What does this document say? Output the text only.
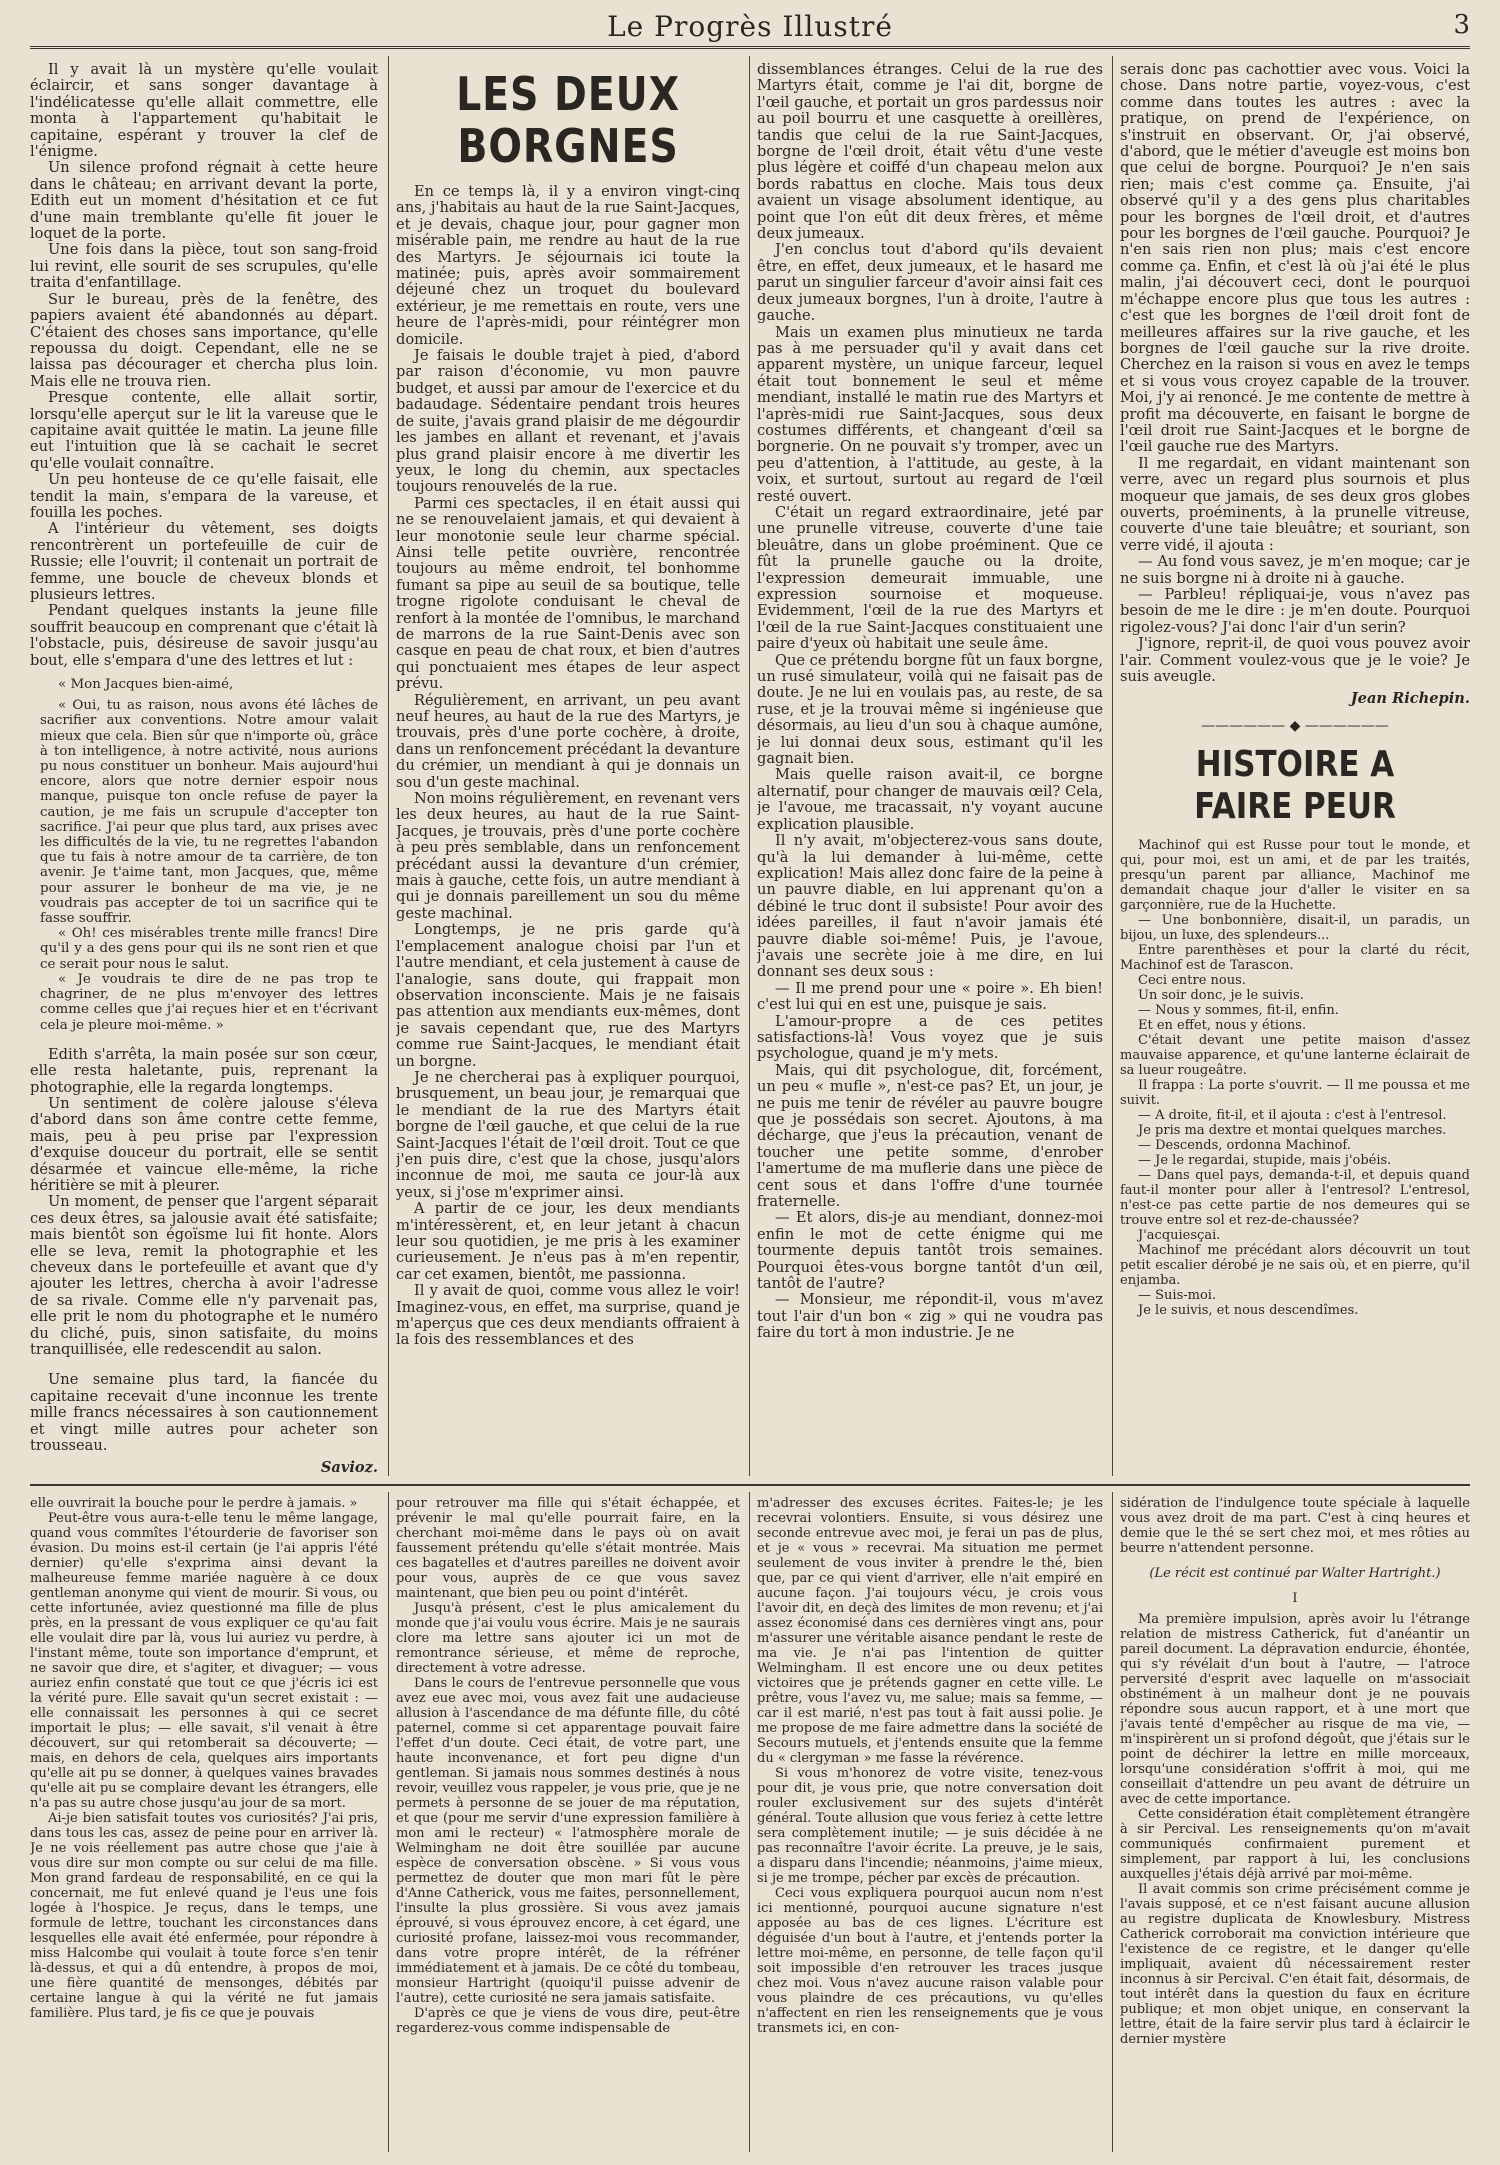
Le Progrès Illustré	3

Il y avait là un mystère qu'elle voulait éclaircir, et sans songer davantage à l'indélicatesse qu'elle allait commettre, elle monta à l'appartement qu'habitait le capitaine, espérant y trouver la clef de l'énigme.

Un silence profond régnait à cette heure dans le château; en arrivant devant la porte, Edith eut un moment d'hésitation et ce fut d'une main tremblante qu'elle fit jouer le loquet de la porte.

Une fois dans la pièce, tout son sang-froid lui revint, elle sourit de ses scrupules, qu'elle traita d'enfantillage.

Sur le bureau, près de la fenêtre, des papiers avaient été abandonnés au départ. C'étaient des choses sans importance, qu'elle repoussa du doigt. Cependant, elle ne se laissa pas décourager et chercha plus loin. Mais elle ne trouva rien.

Presque contente, elle allait sortir, lorsqu'elle aperçut sur le lit la vareuse que le capitaine avait quittée le matin. La jeune fille eut l'intuition que là se cachait le secret qu'elle voulait connaître.

Un peu honteuse de ce qu'elle faisait, elle tendit la main, s'empara de la vareuse, et fouilla les poches.

A l'intérieur du vêtement, ses doigts rencontrèrent un portefeuille de cuir de Russie; elle l'ouvrit; il contenait un portrait de femme, une boucle de cheveux blonds et plusieurs lettres.

Pendant quelques instants la jeune fille souffrit beaucoup en comprenant que c'était là l'obstacle, puis, désireuse de savoir jusqu'au bout, elle s'empara d'une des lettres et lut :

« Mon Jacques bien-aimé,

« Oui, tu as raison, nous avons été lâches de sacrifier aux conventions. Notre amour valait mieux que cela. Bien sûr que n'importe où, grâce à ton intelligence, à notre activité, nous aurions pu nous constituer un bonheur. Mais aujourd'hui encore, alors que notre dernier espoir nous manque, puisque ton oncle refuse de payer la caution, je me fais un scrupule d'accepter ton sacrifice. J'ai peur que plus tard, aux prises avec les difficultés de la vie, tu ne regrettes l'abandon que tu fais à notre amour de ta carrière, de ton avenir. Je t'aime tant, mon Jacques, que, même pour assurer le bonheur de ma vie, je ne voudrais pas accepter de toi un sacrifice qui te fasse souffrir.

« Oh! ces misérables trente mille francs! Dire qu'il y a des gens pour qui ils ne sont rien et que ce serait pour nous le salut.

« Je voudrais te dire de ne pas trop te chagriner, de ne plus m'envoyer des lettres comme celles que j'ai reçues hier et en t'écrivant cela je pleure moi-même. »

Edith s'arrêta, la main posée sur son cœur, elle resta haletante, puis, reprenant la photographie, elle la regarda longtemps.

Un sentiment de colère jalouse s'éleva d'abord dans son âme contre cette femme, mais, peu à peu prise par l'expression d'exquise douceur du portrait, elle se sentit désarmée et vaincue elle-même, la riche héritière se mit à pleurer.

Un moment, de penser que l'argent séparait ces deux êtres, sa jalousie avait été satisfaite; mais bientôt son égoïsme lui fit honte. Alors elle se leva, remit la photographie et les cheveux dans le portefeuille et avant que d'y ajouter les lettres, chercha à avoir l'adresse de sa rivale. Comme elle n'y parvenait pas, elle prit le nom du photographe et le numéro du cliché, puis, sinon satisfaite, du moins tranquillisée, elle redescendit au salon.

Une semaine plus tard, la fiancée du capitaine recevait d'une inconnue les trente mille francs nécessaires à son cautionnement et vingt mille autres pour acheter son trousseau.

Savioz.

LES DEUX BORGNES

En ce temps là, il y a environ vingt-cinq ans, j'habitais au haut de la rue Saint-Jacques, et je devais, chaque jour, pour gagner mon misérable pain, me rendre au haut de la rue des Martyrs. Je séjournais ici toute la matinée; puis, après avoir sommairement déjeuné chez un troquet du boulevard extérieur, je me remettais en route, vers une heure de l'après-midi, pour réintégrer mon domicile.

Je faisais le double trajet à pied, d'abord par raison d'économie, vu mon pauvre budget, et aussi par amour de l'exercice et du badaudage. Sédentaire pendant trois heures de suite, j'avais grand plaisir de me dégourdir les jambes en allant et revenant, et j'avais plus grand plaisir encore à me divertir les yeux, le long du chemin, aux spectacles toujours renouvelés de la rue.

Parmi ces spectacles, il en était aussi qui ne se renouvelaient jamais, et qui devaient à leur monotonie seule leur charme spécial. Ainsi telle petite ouvrière, rencontrée toujours au même endroit, tel bonhomme fumant sa pipe au seuil de sa boutique, telle trogne rigolote conduisant le cheval de renfort à la montée de l'omnibus, le marchand de marrons de la rue Saint-Denis avec son casque en peau de chat roux, et bien d'autres qui ponctuaient mes étapes de leur aspect prévu.

Régulièrement, en arrivant, un peu avant neuf heures, au haut de la rue des Martyrs, je trouvais, près d'une porte cochère, à droite, dans un renfoncement précédant la devanture du crémier, un mendiant à qui je donnais un sou d'un geste machinal.

Non moins régulièrement, en revenant vers les deux heures, au haut de la rue Saint-Jacques, je trouvais, près d'une porte cochère à peu près semblable, dans un renfoncement précédant aussi la devanture d'un crémier, mais à gauche, cette fois, un autre mendiant à qui je donnais pareillement un sou du même geste machinal.

Longtemps, je ne pris garde qu'à l'emplacement analogue choisi par l'un et l'autre mendiant, et cela justement à cause de l'analogie, sans doute, qui frappait mon observation inconsciente. Mais je ne faisais pas attention aux mendiants eux-mêmes, dont je savais cependant que, rue des Martyrs comme rue Saint-Jacques, le mendiant était un borgne.

Je ne chercherai pas à expliquer pourquoi, brusquement, un beau jour, je remarquai que le mendiant de la rue des Martyrs était borgne de l'œil gauche, et que celui de la rue Saint-Jacques l'était de l'œil droit. Tout ce que j'en puis dire, c'est que la chose, jusqu'alors inconnue de moi, me sauta ce jour-là aux yeux, si j'ose m'exprimer ainsi.

A partir de ce jour, les deux mendiants m'intéressèrent, et, en leur jetant à chacun leur sou quotidien, je me pris à les examiner curieusement. Je n'eus pas à m'en repentir, car cet examen, bientôt, me passionna.

Il y avait de quoi, comme vous allez le voir! Imaginez-vous, en effet, ma surprise, quand je m'aperçus que ces deux mendiants offraient à la fois des ressemblances et des

dissemblances étranges. Celui de la rue des Martyrs était, comme je l'ai dit, borgne de l'œil gauche, et portait un gros pardessus noir au poil bourru et une casquette à oreillères, tandis que celui de la rue Saint-Jacques, borgne de l'œil droit, était vêtu d'une veste plus légère et coiffé d'un chapeau melon aux bords rabattus en cloche. Mais tous deux avaient un visage absolument identique, au point que l'on eût dit deux frères, et même deux jumeaux.

J'en conclus tout d'abord qu'ils devaient être, en effet, deux jumeaux, et le hasard me parut un singulier farceur d'avoir ainsi fait ces deux jumeaux borgnes, l'un à droite, l'autre à gauche.

Mais un examen plus minutieux ne tarda pas à me persuader qu'il y avait dans cet apparent mystère, un unique farceur, lequel était tout bonnement le seul et même mendiant, installé le matin rue des Martyrs et l'après-midi rue Saint-Jacques, sous deux costumes différents, et changeant d'œil sa borgnerie. On ne pouvait s'y tromper, avec un peu d'attention, à l'attitude, au geste, à la voix, et surtout, surtout au regard de l'œil resté ouvert.

C'était un regard extraordinaire, jeté par une prunelle vitreuse, couverte d'une taie bleuâtre, dans un globe proéminent. Que ce fût la prunelle gauche ou la droite, l'expression demeurait immuable, une expression sournoise et moqueuse. Evidemment, l'œil de la rue des Martyrs et l'œil de la rue Saint-Jacques constituaient une paire d'yeux où habitait une seule âme.

Que ce prétendu borgne fût un faux borgne, un rusé simulateur, voilà qui ne faisait pas de doute. Je ne lui en voulais pas, au reste, de sa ruse, et je la trouvai même si ingénieuse que désormais, au lieu d'un sou à chaque aumône, je lui donnai deux sous, estimant qu'il les gagnait bien.

Mais quelle raison avait-il, ce borgne alternatif, pour changer de mauvais œil? Cela, je l'avoue, me tracassait, n'y voyant aucune explication plausible.

Il n'y avait, m'objecterez-vous sans doute, qu'à la lui demander à lui-même, cette explication! Mais allez donc faire de la peine à un pauvre diable, en lui apprenant qu'on a débiné le truc dont il subsiste! Pour avoir des idées pareilles, il faut n'avoir jamais été pauvre diable soi-même! Puis, je l'avoue, j'avais une secrète joie à me dire, en lui donnant ses deux sous :

— Il me prend pour une « poire ». Eh bien! c'est lui qui en est une, puisque je sais.

L'amour-propre a de ces petites satisfactions-là! Vous voyez que je suis psychologue, quand je m'y mets.

Mais, qui dit psychologue, dit, forcément, un peu « mufle », n'est-ce pas? Et, un jour, je ne puis me tenir de révéler au pauvre bougre que je possédais son secret. Ajoutons, à ma décharge, que j'eus la précaution, venant de toucher une petite somme, d'enrober l'amertume de ma muflerie dans une pièce de cent sous et dans l'offre d'une tournée fraternelle.

— Et alors, dis-je au mendiant, donnez-moi enfin le mot de cette énigme qui me tourmente depuis tantôt trois semaines. Pourquoi êtes-vous borgne tantôt d'un œil, tantôt de l'autre?

— Monsieur, me répondit-il, vous m'avez tout l'air d'un bon « zig » qui ne voudra pas faire du tort à mon industrie. Je ne

serais donc pas cachottier avec vous. Voici la chose. Dans notre partie, voyez-vous, c'est comme dans toutes les autres : avec la pratique, on prend de l'expérience, on s'instruit en observant. Or, j'ai observé, d'abord, que le métier d'aveugle est moins bon que celui de borgne. Pourquoi? Je n'en sais rien; mais c'est comme ça. Ensuite, j'ai observé qu'il y a des gens plus charitables pour les borgnes de l'œil droit, et d'autres pour les borgnes de l'œil gauche. Pourquoi? Je n'en sais rien non plus; mais c'est encore comme ça. Enfin, et c'est là où j'ai été le plus malin, j'ai découvert ceci, dont le pourquoi m'échappe encore plus que tous les autres : c'est que les borgnes de l'œil droit font de meilleures affaires sur la rive gauche, et les borgnes de l'œil gauche sur la rive droite. Cherchez en la raison si vous en avez le temps et si vous vous croyez capable de la trouver. Moi, j'y ai renoncé. Je me contente de mettre à profit ma découverte, en faisant le borgne de l'œil droit rue Saint-Jacques et le borgne de l'œil gauche rue des Martyrs.

Il me regardait, en vidant maintenant son verre, avec un regard plus sournois et plus moqueur que jamais, de ses deux gros globes ouverts, proéminents, à la prunelle vitreuse, couverte d'une taie bleuâtre; et souriant, son verre vidé, il ajouta :

— Au fond vous savez, je m'en moque; car je ne suis borgne ni à droite ni à gauche.

— Parbleu! répliquai-je, vous n'avez pas besoin de me le dire : je m'en doute. Pourquoi rigolez-vous? J'ai donc l'air d'un serin?

J'ignore, reprit-il, de quoi vous pouvez avoir l'air. Comment voulez-vous que je le voie? Je suis aveugle.

Jean Richepin.

—————— ◆ ——————
HISTOIRE A FAIRE PEUR

Machinof qui est Russe pour tout le monde, et qui, pour moi, est un ami, et de par les traités, presqu'un parent par alliance, Machinof me demandait chaque jour d'aller le visiter en sa garçonnière, rue de la Huchette.

— Une bonbonnière, disait-il, un paradis, un bijou, un luxe, des splendeurs...

Entre parenthèses et pour la clarté du récit, Machinof est de Tarascon.

Ceci entre nous.

Un soir donc, je le suivis.

— Nous y sommes, fit-il, enfin.

Et en effet, nous y étions.

C'était devant une petite maison d'assez mauvaise apparence, et qu'une lanterne éclairait de sa lueur rougeâtre.

Il frappa : La porte s'ouvrit. — Il me poussa et me suivit.

— A droite, fit-il, et il ajouta : c'est à l'entresol.

Je pris ma dextre et montai quelques marches.

— Descends, ordonna Machinof.

— Je le regardai, stupide, mais j'obéis.

— Dans quel pays, demanda-t-il, et depuis quand faut-il monter pour aller à l'entresol? L'entresol, n'est-ce pas cette partie de nos demeures qui se trouve entre sol et rez-de-chaussée?

J'acquiesçai.

Machinof me précédant alors découvrit un tout petit escalier dérobé je ne sais où, et en pierre, qu'il enjamba.

— Suis-moi.

Je le suivis, et nous descendîmes.

elle ouvrirait la bouche pour le perdre à jamais. »

Peut-être vous aura-t-elle tenu le même langage, quand vous commîtes l'étourderie de favoriser son évasion. Du moins est-il certain (je l'ai appris l'été dernier) qu'elle s'exprima ainsi devant la malheureuse femme mariée naguère à ce doux gentleman anonyme qui vient de mourir. Si vous, ou cette infortunée, aviez questionné ma fille de plus près, en la pressant de vous expliquer ce qu'au fait elle voulait dire par là, vous lui auriez vu perdre, à l'instant même, toute son importance d'emprunt, et ne savoir que dire, et s'agiter, et divaguer; — vous auriez enfin constaté que tout ce que j'écris ici est la vérité pure. Elle savait qu'un secret existait : — elle connaissait les personnes à qui ce secret importait le plus; — elle savait, s'il venait à être découvert, sur qui retomberait sa découverte; — mais, en dehors de cela, quelques airs importants qu'elle ait pu se donner, à quelques vaines bravades qu'elle ait pu se complaire devant les étrangers, elle n'a pas su autre chose jusqu'au jour de sa mort.

Ai-je bien satisfait toutes vos curiosités? J'ai pris, dans tous les cas, assez de peine pour en arriver là. Je ne vois réellement pas autre chose que j'aie à vous dire sur mon compte ou sur celui de ma fille. Mon grand fardeau de responsabilité, en ce qui la concernait, me fut enlevé quand je l'eus une fois logée à l'hospice. Je reçus, dans le temps, une formule de lettre, touchant les circonstances dans lesquelles elle avait été enfermée, pour répondre à miss Halcombe qui voulait à toute force s'en tenir là-dessus, et qui a dû entendre, à propos de moi, une fière quantité de mensonges, débités par certaine langue à qui la vérité ne fut jamais familière. Plus tard, je fis ce que je pouvais

pour retrouver ma fille qui s'était échappée, et prévenir le mal qu'elle pourrait faire, en la cherchant moi-même dans le pays où on avait faussement prétendu qu'elle s'était montrée. Mais ces bagatelles et d'autres pareilles ne doivent avoir pour vous, auprès de ce que vous savez maintenant, que bien peu ou point d'intérêt.

Jusqu'à présent, c'est le plus amicalement du monde que j'ai voulu vous écrire. Mais je ne saurais clore ma lettre sans ajouter ici un mot de remontrance sérieuse, et même de reproche, directement à votre adresse.

Dans le cours de l'entrevue personnelle que vous avez eue avec moi, vous avez fait une audacieuse allusion à l'ascendance de ma défunte fille, du côté paternel, comme si cet apparentage pouvait faire l'effet d'un doute. Ceci était, de votre part, une haute inconvenance, et fort peu digne d'un gentleman. Si jamais nous sommes destinés à nous revoir, veuillez vous rappeler, je vous prie, que je ne permets à personne de se jouer de ma réputation, et que (pour me servir d'une expression familière à mon ami le recteur) « l'atmosphère morale de Welmingham ne doit être souillée par aucune espèce de conversation obscène. » Si vous vous permettez de douter que mon mari fût le père d'Anne Catherick, vous me faites, personnellement, l'insulte la plus grossière. Si vous avez jamais éprouvé, si vous éprouvez encore, à cet égard, une curiosité profane, laissez-moi vous recommander, dans votre propre intérêt, de la réfréner immédiatement et à jamais. De ce côté du tombeau, monsieur Hartright (quoiqu'il puisse advenir de l'autre), cette curiosité ne sera jamais satisfaite.

D'après ce que je viens de vous dire, peut-être regarderez-vous comme indispensable de

m'adresser des excuses écrites. Faites-le; je les recevrai volontiers. Ensuite, si vous désirez une seconde entrevue avec moi, je ferai un pas de plus, et je « vous » recevrai. Ma situation me permet seulement de vous inviter à prendre le thé, bien que, par ce qui vient d'arriver, elle n'ait empiré en aucune façon. J'ai toujours vécu, je crois vous l'avoir dit, en deçà des limites de mon revenu; et j'ai assez économisé dans ces dernières vingt ans, pour m'assurer une véritable aisance pendant le reste de ma vie. Je n'ai pas l'intention de quitter Welmingham. Il est encore une ou deux petites victoires que je prétends gagner en cette ville. Le prêtre, vous l'avez vu, me salue; mais sa femme, — car il est marié, n'est pas tout à fait aussi polie. Je me propose de me faire admettre dans la société de Secours mutuels, et j'entends ensuite que la femme du « clergyman » me fasse la révérence.

Si vous m'honorez de votre visite, tenez-vous pour dit, je vous prie, que notre conversation doit rouler exclusivement sur des sujets d'intérêt général. Toute allusion que vous feriez à cette lettre sera complètement inutile; — je suis décidée à ne pas reconnaître l'avoir écrite. La preuve, je le sais, a disparu dans l'incendie; néanmoins, j'aime mieux, si je me trompe, pécher par excès de précaution.

Ceci vous expliquera pourquoi aucun nom n'est ici mentionné, pourquoi aucune signature n'est apposée au bas de ces lignes. L'écriture est déguisée d'un bout à l'autre, et j'entends porter la lettre moi-même, en personne, de telle façon qu'il soit impossible d'en retrouver les traces jusque chez moi. Vous n'avez aucune raison valable pour vous plaindre de ces précautions, vu qu'elles n'affectent en rien les renseignements que je vous transmets ici, en con-

sidération de l'indulgence toute spéciale à laquelle vous avez droit de ma part. C'est à cinq heures et demie que le thé se sert chez moi, et mes rôties au beurre n'attendent personne.

(Le récit est continué par Walter Hartright.)

I

Ma première impulsion, après avoir lu l'étrange relation de mistress Catherick, fut d'anéantir un pareil document. La dépravation endurcie, éhontée, qui s'y révélait d'un bout à l'autre, — l'atroce perversité d'esprit avec laquelle on m'associait obstinément à un malheur dont je ne pouvais répondre sous aucun rapport, et à une mort que j'avais tenté d'empêcher au risque de ma vie, — m'inspirèrent un si profond dégoût, que j'étais sur le point de déchirer la lettre en mille morceaux, lorsqu'une considération s'offrit à moi, qui me conseillait d'attendre un peu avant de détruire un avec de cette importance.

Cette considération était complètement étrangère à sir Percival. Les renseignements qu'on m'avait communiqués confirmaient purement et simplement, par rapport à lui, les conclusions auxquelles j'étais déjà arrivé par moi-même.

Il avait commis son crime précisément comme je l'avais supposé, et ce n'est faisant aucune allusion au registre duplicata de Knowlesbury. Mistress Catherick corroborait ma conviction intérieure que l'existence de ce registre, et le danger qu'elle impliquait, avaient dû nécessairement rester inconnus à sir Percival. C'en était fait, désormais, de tout intérêt dans la question du faux en écriture publique; et mon objet unique, en conservant la lettre, était de la faire servir plus tard à éclaircir le dernier mystère
